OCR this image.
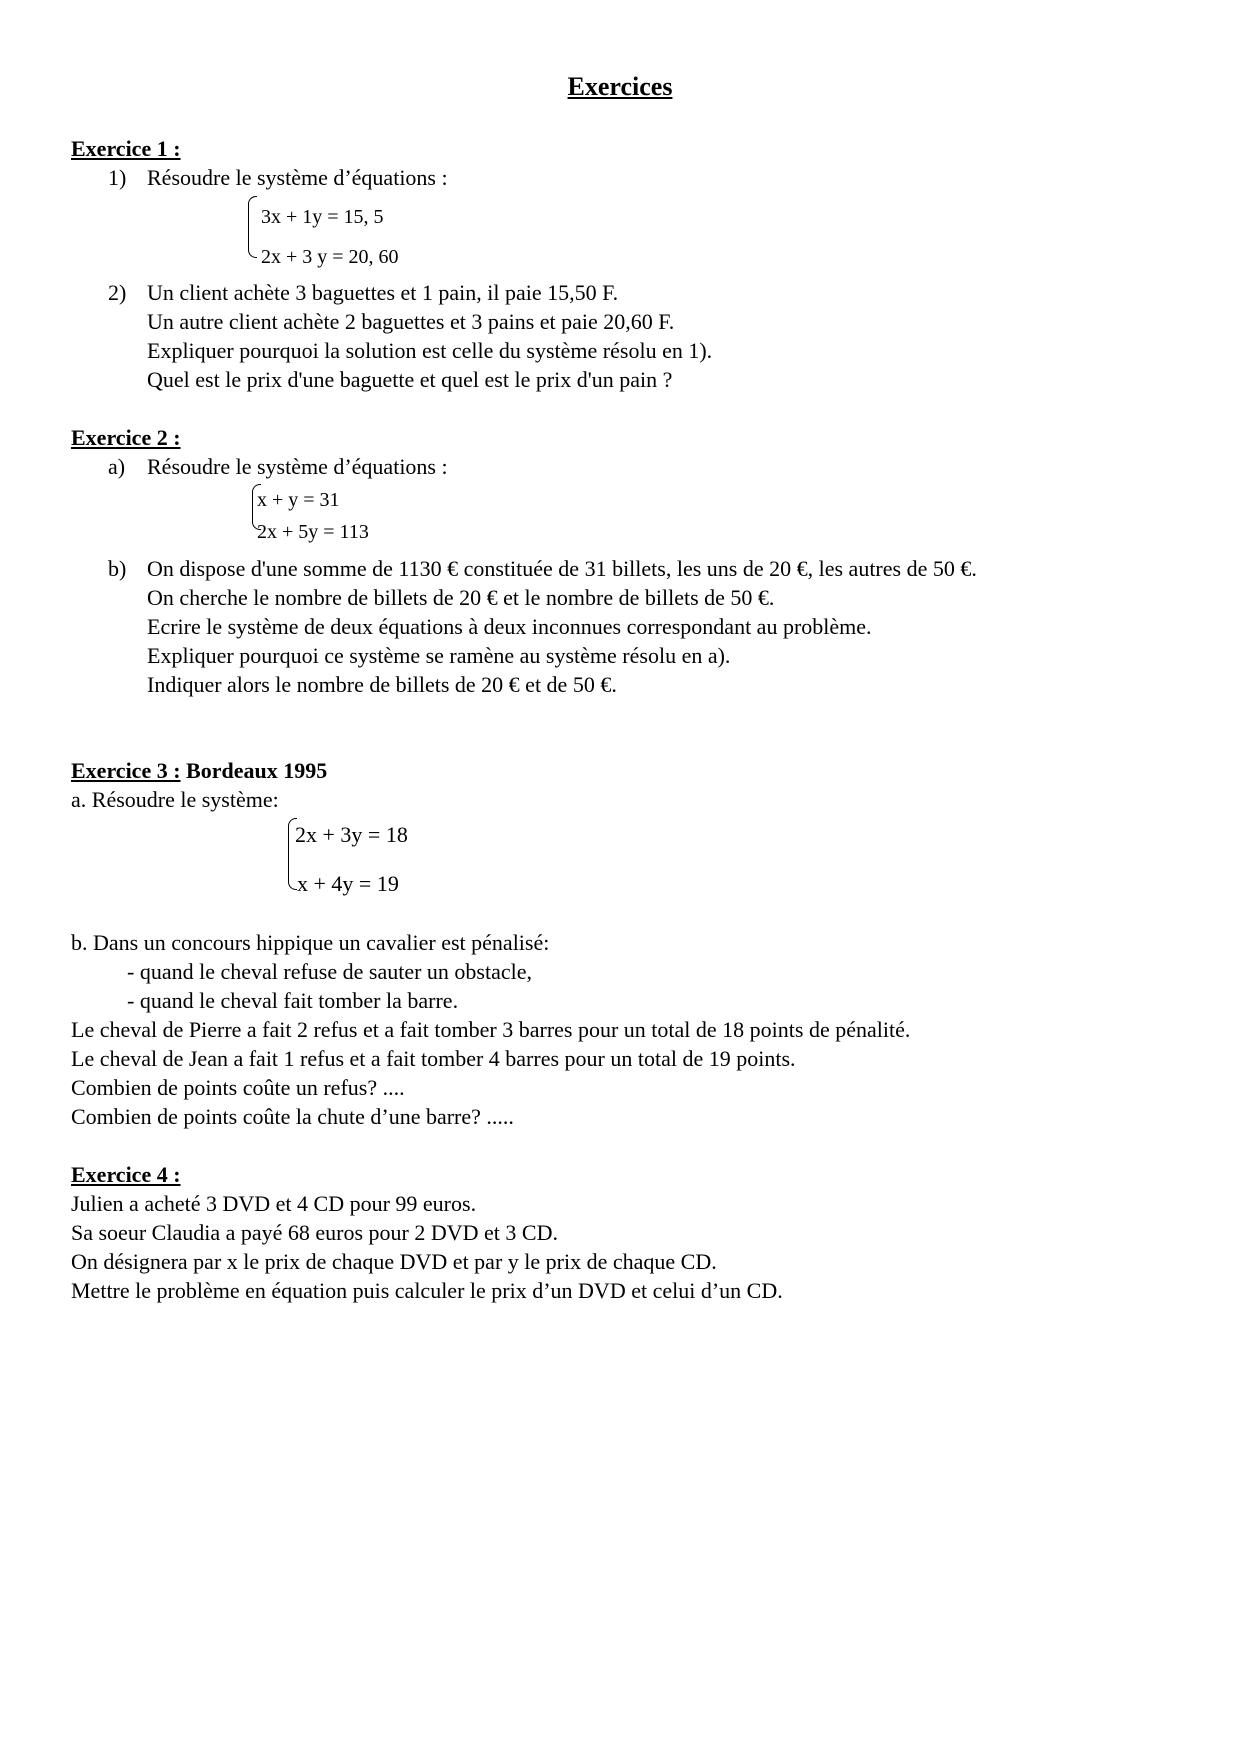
Exercices
Exercice 1 :
1) Résoudre le système d’équations :
3x + 1y = 15, 5
2x + 3 y = 20, 60
2) Un client achète 3 baguettes et 1 pain, il paie 15,50 F.
Un autre client achète 2 baguettes et 3 pains et paie 20,60 F.
Expliquer pourquoi la solution est celle du système résolu en 1).
Quel est le prix d'une baguette et quel est le prix d'un pain ?
Exercice 2 :
a) Résoudre le système d’équations :
x + y = 31
2x + 5y = 113
b) On dispose d'une somme de 1130 € constituée de 31 billets, les uns de 20 €, les autres de 50 €.
On cherche le nombre de billets de 20 € et le nombre de billets de 50 €.
Ecrire le système de deux équations à deux inconnues correspondant au problème.
Expliquer pourquoi ce système se ramène au système résolu en a).
Indiquer alors le nombre de billets de 20 € et de 50 €.
Exercice 3 : Bordeaux 1995
a. Résoudre le système:
2x + 3y = 18
x + 4y = 19
b. Dans un concours hippique un cavalier est pénalisé:
- quand le cheval refuse de sauter un obstacle,
- quand le cheval fait tomber la barre.
Le cheval de Pierre a fait 2 refus et a fait tomber 3 barres pour un total de 18 points de pénalité.
Le cheval de Jean a fait 1 refus et a fait tomber 4 barres pour un total de 19 points.
Combien de points coûte un refus? ....
Combien de points coûte la chute d’une barre? .....
Exercice 4 :
Julien a acheté 3 DVD et 4 CD pour 99 euros.
Sa soeur Claudia a payé 68 euros pour 2 DVD et 3 CD.
On désignera par x le prix de chaque DVD et par y le prix de chaque CD.
Mettre le problème en équation puis calculer le prix d’un DVD et celui d’un CD.
